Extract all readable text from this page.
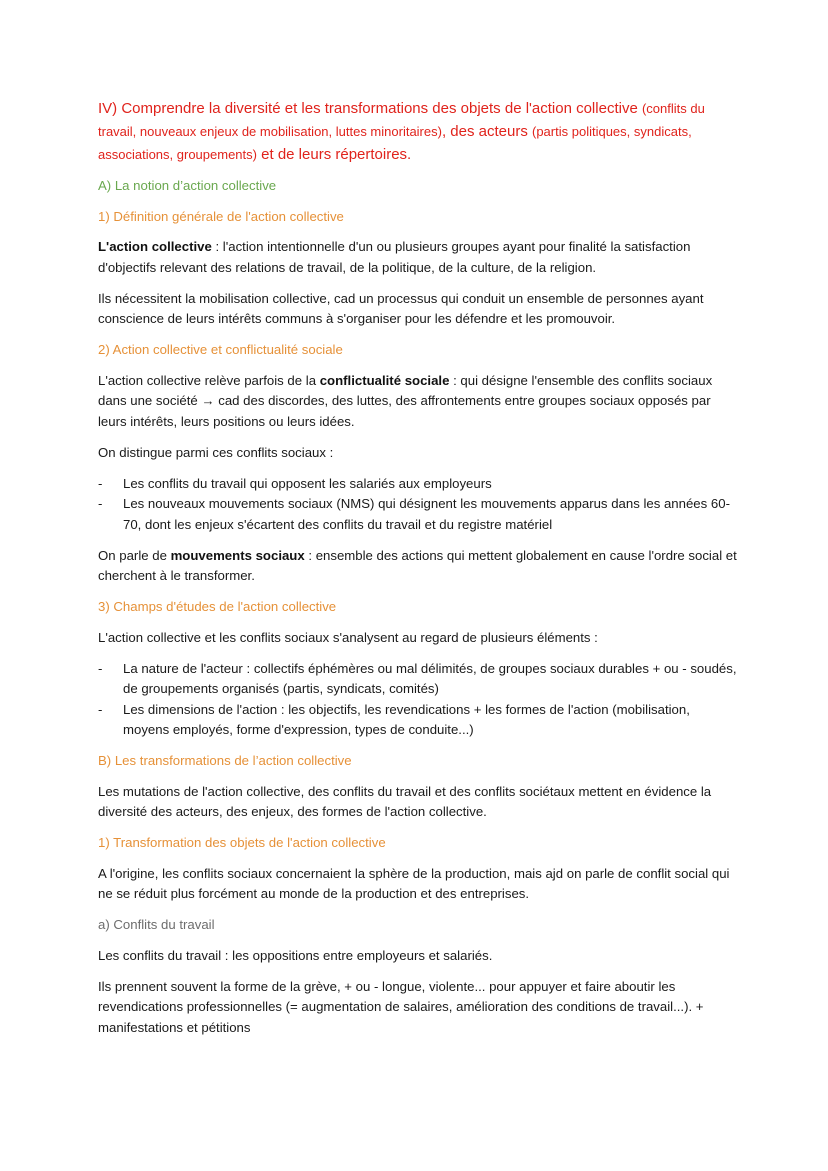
IV) Comprendre la diversité et les transformations des objets de l'action collective (conflits du travail, nouveaux enjeux de mobilisation, luttes minoritaires), des acteurs (partis politiques, syndicats, associations, groupements) et de leurs répertoires.
A) La notion d’action collective
1) Définition générale de l'action collective

L'action collective : l'action intentionnelle d'un ou plusieurs groupes ayant pour finalité la satisfaction d'objectifs relevant des relations de travail, de la politique, de la culture, de la religion.

Ils nécessitent la mobilisation collective, cad un processus qui conduit un ensemble de personnes ayant conscience de leurs intérêts communs à s'organiser pour les défendre et les promouvoir.

2) Action collective et conflictualité sociale

L'action collective relève parfois de la conflictualité sociale : qui désigne l'ensemble des conflits sociaux dans une société → cad des discordes, des luttes, des affrontements entre groupes sociaux opposés par leurs intérêts, leurs positions ou leurs idées.

On distingue parmi ces conflits sociaux :

- Les conflits du travail qui opposent les salariés aux employeurs
- Les nouveaux mouvements sociaux (NMS) qui désignent les mouvements apparus dans les années 60-70, dont les enjeux s'écartent des conflits du travail et du registre matériel

On parle de mouvements sociaux : ensemble des actions qui mettent globalement en cause l'ordre social et cherchent à le transformer.

3) Champs d'études de l'action collective

L'action collective et les conflits sociaux s'analysent au regard de plusieurs éléments :

- La nature de l'acteur : collectifs éphémères ou mal délimités, de groupes sociaux durables + ou - soudés, de groupements organisés (partis, syndicats, comités)
- Les dimensions de l'action : les objectifs, les revendications + les formes de l'action (mobilisation, moyens employés, forme d'expression, types de conduite...)
B) Les transformations de l’action collective

Les mutations de l'action collective, des conflits du travail et des conflits sociétaux mettent en évidence la diversité des acteurs, des enjeux, des formes de l'action collective.

1) Transformation des objets de l'action collective

A l'origine, les conflits sociaux concernaient la sphère de la production, mais ajd on parle de conflit social qui ne se réduit plus forcément au monde de la production et des entreprises.

a) Conflits du travail

Les conflits du travail : les oppositions entre employeurs et salariés.

Ils prennent souvent la forme de la grève, + ou - longue, violente... pour appuyer et faire aboutir les revendications professionnelles (= augmentation de salaires, amélioration des conditions de travail...). + manifestations et pétitions
